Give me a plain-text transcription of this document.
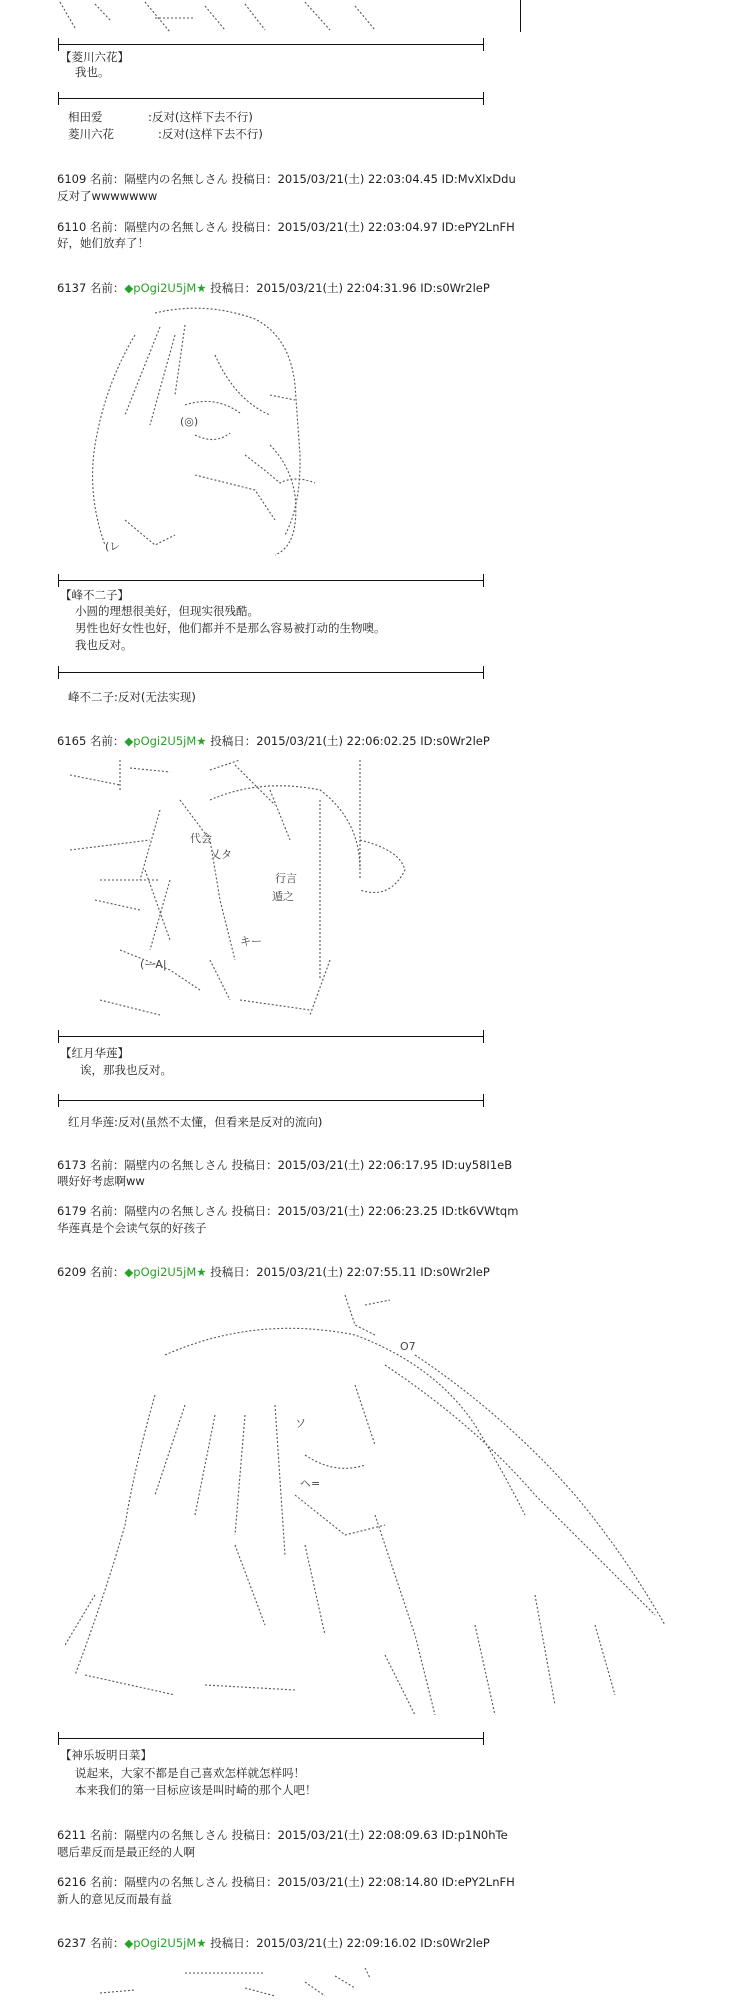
【菱川六花】
我也。
相田爱	:反对(这样下去不行)
菱川六花	:反对(这样下去不行)
6109 名前：隔壁内の名無しさん 投稿日：2015/03/21(土) 22:03:04.45 ID:MvXlxDdu
反对了wwwwwww
6110 名前：隔壁内の名無しさん 投稿日：2015/03/21(土) 22:03:04.97 ID:ePY2LnFH
好，她们放弃了！
6137 名前：◆pOgi2U5jM★ 投稿日：2015/03/21(土) 22:04:31.96 ID:s0Wr2leP
(◎)
(レ
【峰不二子】
小圆的理想很美好，但现实很残酷。
男性也好女性也好，他们都并不是那么容易被打动的生物噢。
我也反对。
峰不二子:反对(无法实现)
6165 名前：◆pOgi2U5jM★ 投稿日：2015/03/21(土) 22:06:02.25 ID:s0Wr2leP
代会
乂タ
行言
遁之
(ーA|
キー
【红月华莲】
诶，那我也反对。
红月华莲:反对(虽然不太懂，但看来是反对的流向)
6173 名前：隔壁内の名無しさん 投稿日：2015/03/21(土) 22:06:17.95 ID:uy58I1eB
喂好好考虑啊ww
6179 名前：隔壁内の名無しさん 投稿日：2015/03/21(土) 22:06:23.25 ID:tk6VWtqm
华莲真是个会读气氛的好孩子
6209 名前：◆pOgi2U5jM★ 投稿日：2015/03/21(土) 22:07:55.11 ID:s0Wr2leP
ソ
O7
ヘ=
【神乐坂明日菜】
说起来，大家不都是自己喜欢怎样就怎样吗！
本来我们的第一目标应该是叫时崎的那个人吧！
6211 名前：隔壁内の名無しさん 投稿日：2015/03/21(土) 22:08:09.63 ID:p1N0hTe
嗯后辈反而是最正经的人啊
6216 名前：隔壁内の名無しさん 投稿日：2015/03/21(土) 22:08:14.80 ID:ePY2LnFH
新人的意见反而最有益
6237 名前：◆pOgi2U5jM★ 投稿日：2015/03/21(土) 22:09:16.02 ID:s0Wr2leP
